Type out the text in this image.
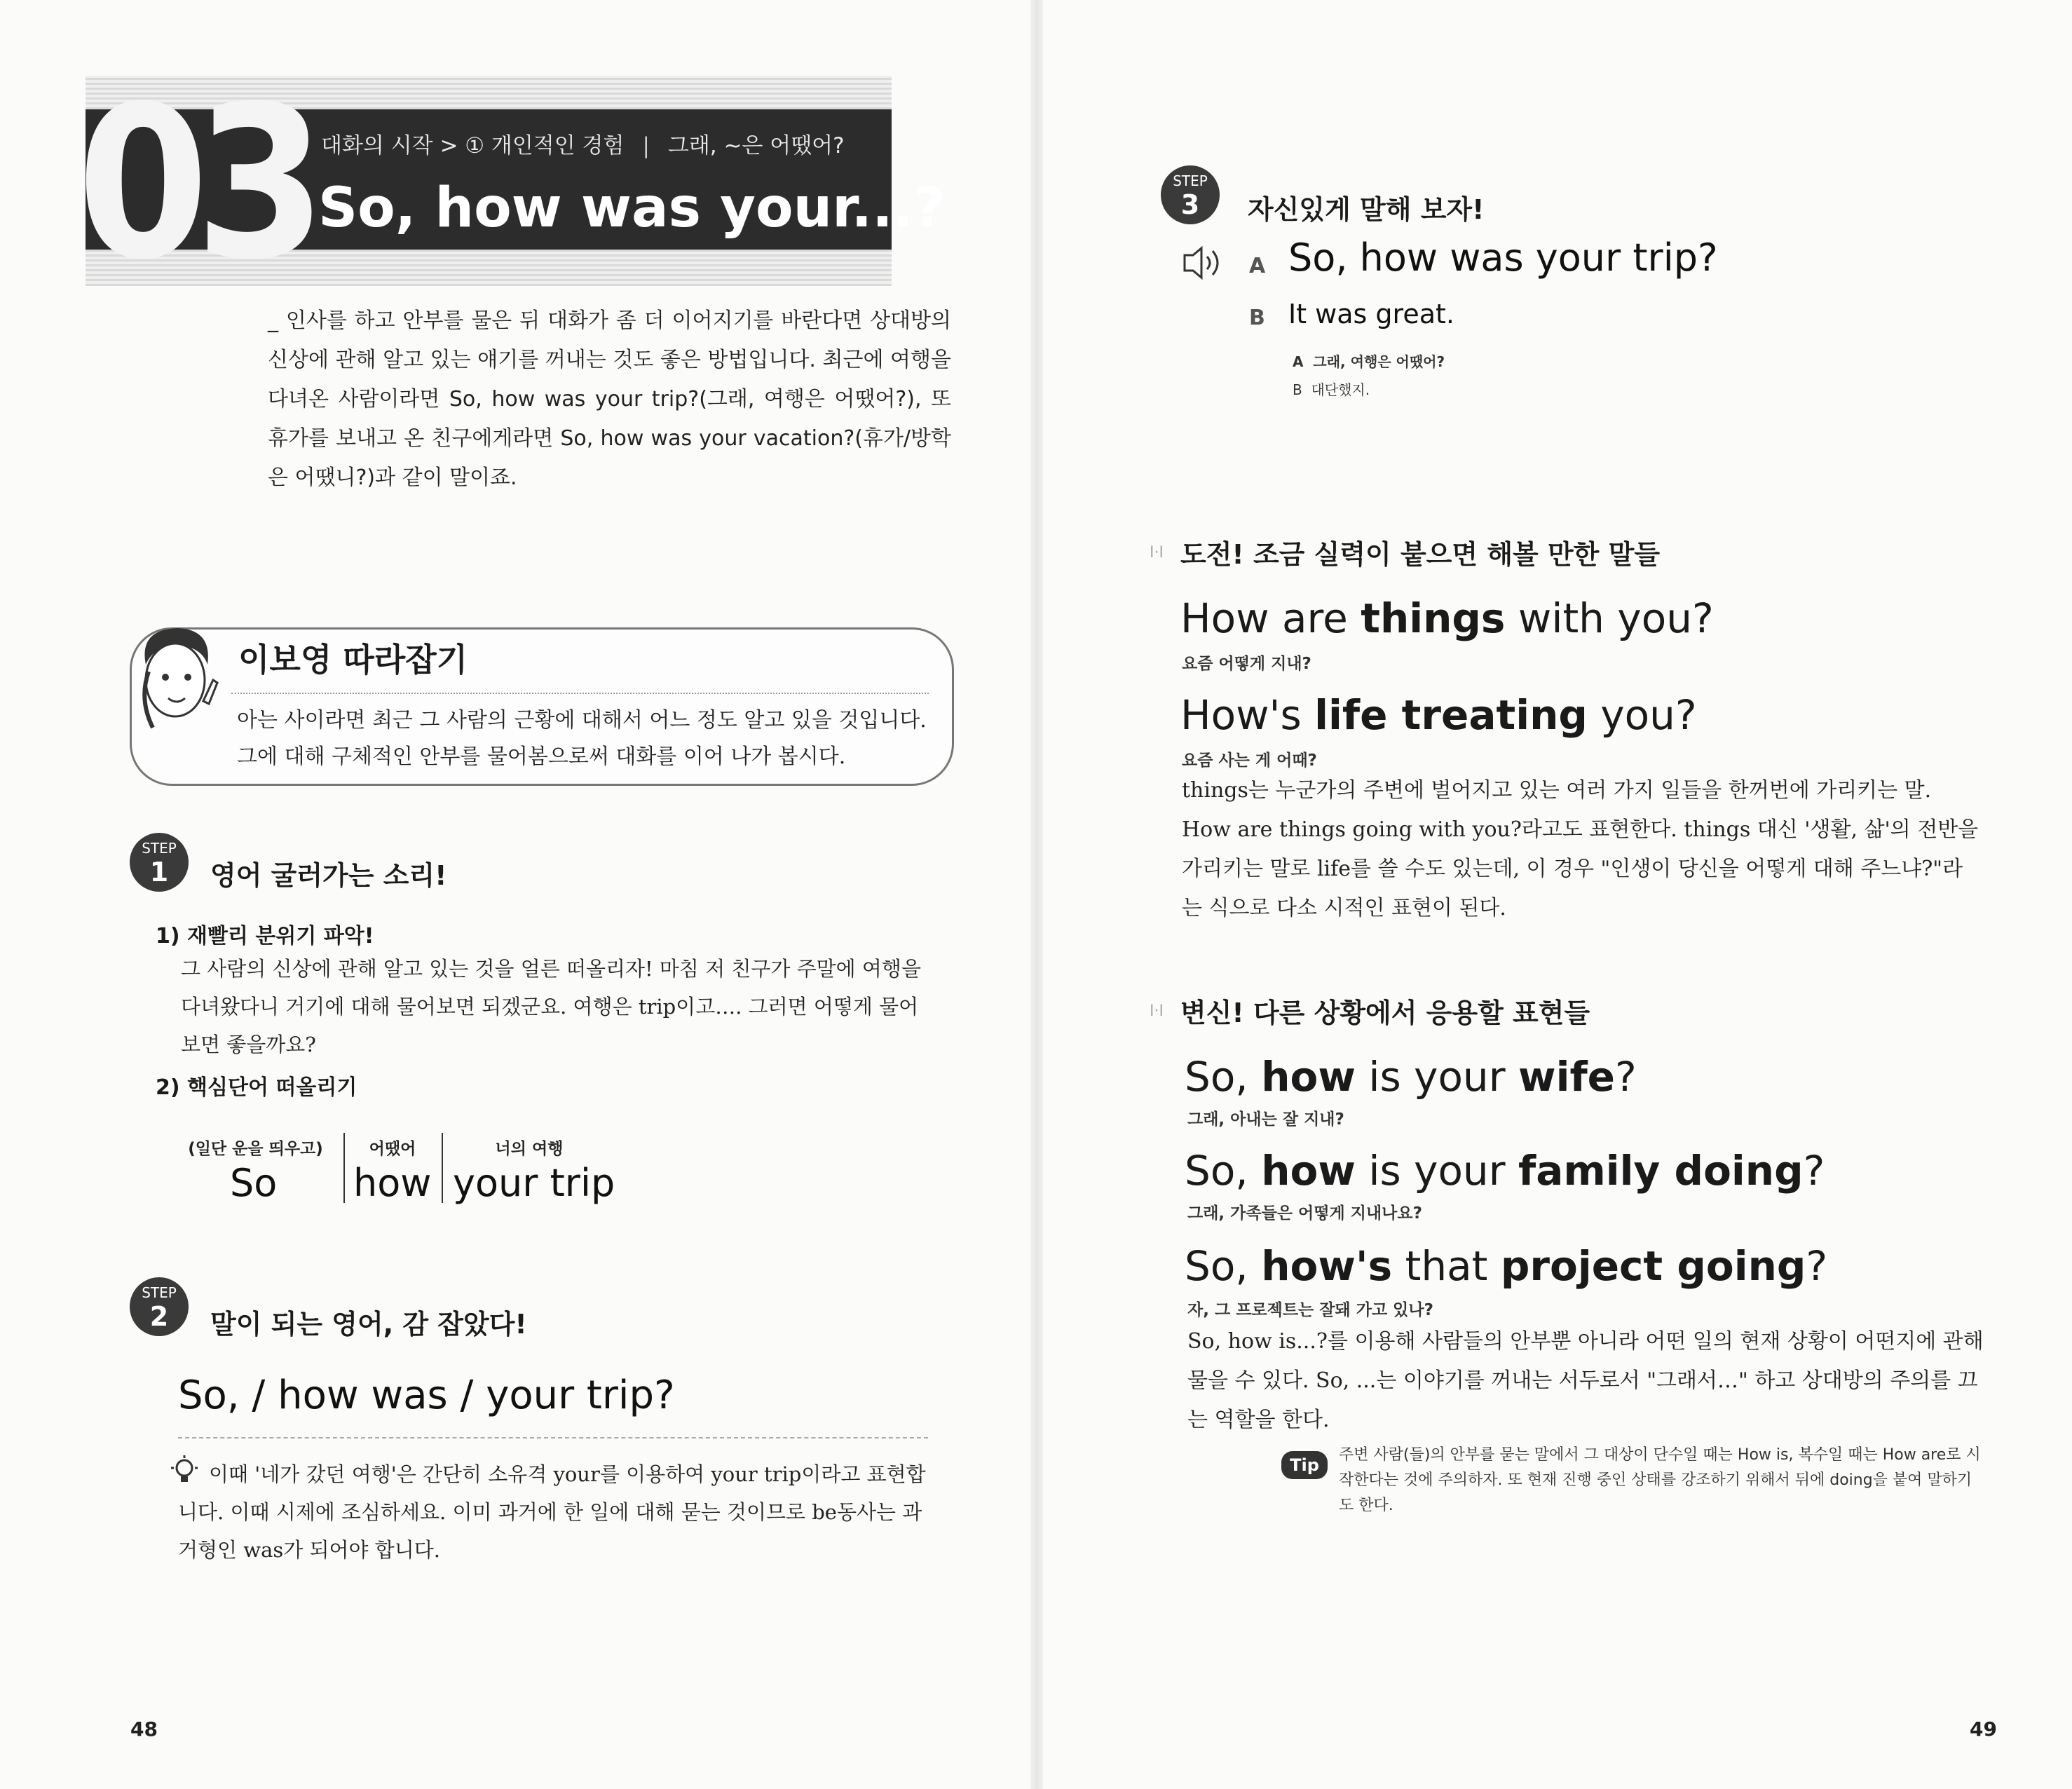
03 대화의 시작 > ① 개인적인 경험 | 그래, ~은 어땠어?
So, how was your...?
_ 인사를 하고 안부를 물은 뒤 대화가 좀 더 이어지기를 바란다면 상대방의 신상에 관해 알고 있는 얘기를 꺼내는 것도 좋은 방법입니다. 최근에 여행을 다녀온 사람이라면 So, how was your trip?(그래, 여행은 어땠어?), 또 휴가를 보내고 온 친구에게라면 So, how was your vacation?(휴가/방학은 어땠니?)과 같이 말이죠.
이보영 따라잡기
아는 사이라면 최근 그 사람의 근황에 대해서 어느 정도 알고 있을 것입니다. 그에 대해 구체적인 안부를 물어봄으로써 대화를 이어 나가 봅시다.
STEP
1	영어 굴러가는 소리!
1) 재빨리 분위기 파악!
그 사람의 신상에 관해 알고 있는 것을 얼른 떠올리자! 마침 저 친구가 주말에 여행을 다녀왔다니 거기에 대해 물어보면 되겠군요. 여행은 trip이고…. 그러면 어떻게 물어보면 좋을까요?
2) 핵심단어 떠올리기
(일단 운을 띄우고)
So
어땠어
how
너의 여행
your trip
STEP
2	말이 되는 영어, 감 잡았다!
So, / how was / your trip?
이때 '네가 갔던 여행'은 간단히 소유격 your를 이용하여 your trip이라고 표현합니다. 이때 시제에 조심하세요. 이미 과거에 한 일에 대해 묻는 것이므로 be동사는 과거형인 was가 되어야 합니다.
48
STEP
3	자신있게 말해 보자!
A So, how was your trip?
B It was great.
A 그래, 여행은 어땠어?
B 대단했지.
I·I 도전! 조금 실력이 붙으면 해볼 만한 말들
How are things with you?
요즘 어떻게 지내?
How's life treating you?
요즘 사는 게 어때?
things는 누군가의 주변에 벌어지고 있는 여러 가지 일들을 한꺼번에 가리키는 말. How are things going with you?라고도 표현한다. things 대신 '생활, 삶'의 전반을 가리키는 말로 life를 쓸 수도 있는데, 이 경우 "인생이 당신을 어떻게 대해 주느냐?"라는 식으로 다소 시적인 표현이 된다.
I·I 변신! 다른 상황에서 응용할 표현들
So, how is your wife?
그래, 아내는 잘 지내?
So, how is your family doing?
그래, 가족들은 어떻게 지내나요?
So, how's that project going?
자, 그 프로젝트는 잘돼 가고 있나?
So, how is...?를 이용해 사람들의 안부뿐 아니라 어떤 일의 현재 상황이 어떤지에 관해 물을 수 있다. So, ...는 이야기를 꺼내는 서두로서 "그래서…" 하고 상대방의 주의를 끄는 역할을 한다.
Tip
주변 사람(들)의 안부를 묻는 말에서 그 대상이 단수일 때는 How is, 복수일 때는 How are로 시작한다는 것에 주의하자. 또 현재 진행 중인 상태를 강조하기 위해서 뒤에 doing을 붙여 말하기도 한다.
49
